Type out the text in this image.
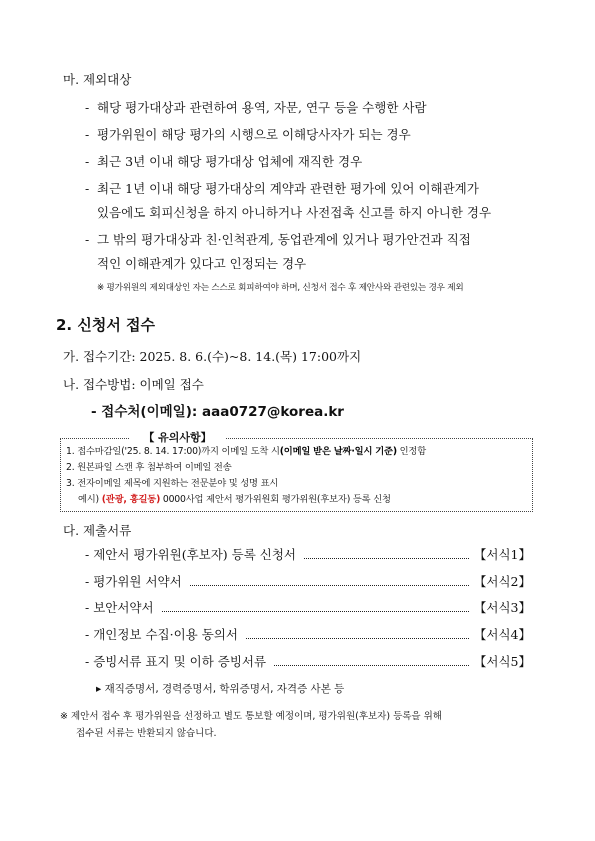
마. 제외대상
- 해당 평가대상과 관련하여 용역, 자문, 연구 등을 수행한 사람
- 평가위원이 해당 평가의 시행으로 이해당사자가 되는 경우
- 최근 3년 이내 해당 평가대상 업체에 재직한 경우
- 최근 1년 이내 해당 평가대상의 계약과 관련한 평가에 있어 이해관계가
있음에도 회피신청을 하지 아니하거나 사전접촉 신고를 하지 아니한 경우
- 그 밖의 평가대상과 친·인척관계, 동업관계에 있거나 평가안건과 직접
적인 이해관계가 있다고 인정되는 경우
※ 평가위원의 제외대상인 자는 스스로 회피하여야 하며, 신청서 접수 후 제안사와 관련있는 경우 제외
2. 신청서 접수
가. 접수기간: 2025. 8. 6.(수)~8. 14.(목) 17:00까지
나. 접수방법: 이메일 접수
- 접수처(이메일): aaa0727@korea.kr
【 유의사항】
1. 접수마감일('25. 8. 14. 17:00)까지 이메일 도착 시(이메일 받은 날짜·일시 기준) 인정함
2. 원본파일 스캔 후 첨부하여 이메일 전송
3. 전자이메일 제목에 지원하는 전문분야 및 성명 표시
예시) (관광, 홍길동) 0000사업 제안서 평가위원회 평가위원(후보자) 등록 신청
다. 제출서류
- 제안서 평가위원(후보자) 등록 신청서	【서식1】
- 평가위원 서약서	【서식2】
- 보안서약서	【서식3】
- 개인정보 수집·이용 동의서	【서식4】
- 증빙서류 표지 및 이하 증빙서류	【서식5】
▸ 재직증명서, 경력증명서, 학위증명서, 자격증 사본 등
※ 제안서 접수 후 평가위원을 선정하고 별도 통보할 예정이며, 평가위원(후보자) 등록을 위해
접수된 서류는 반환되지 않습니다.
